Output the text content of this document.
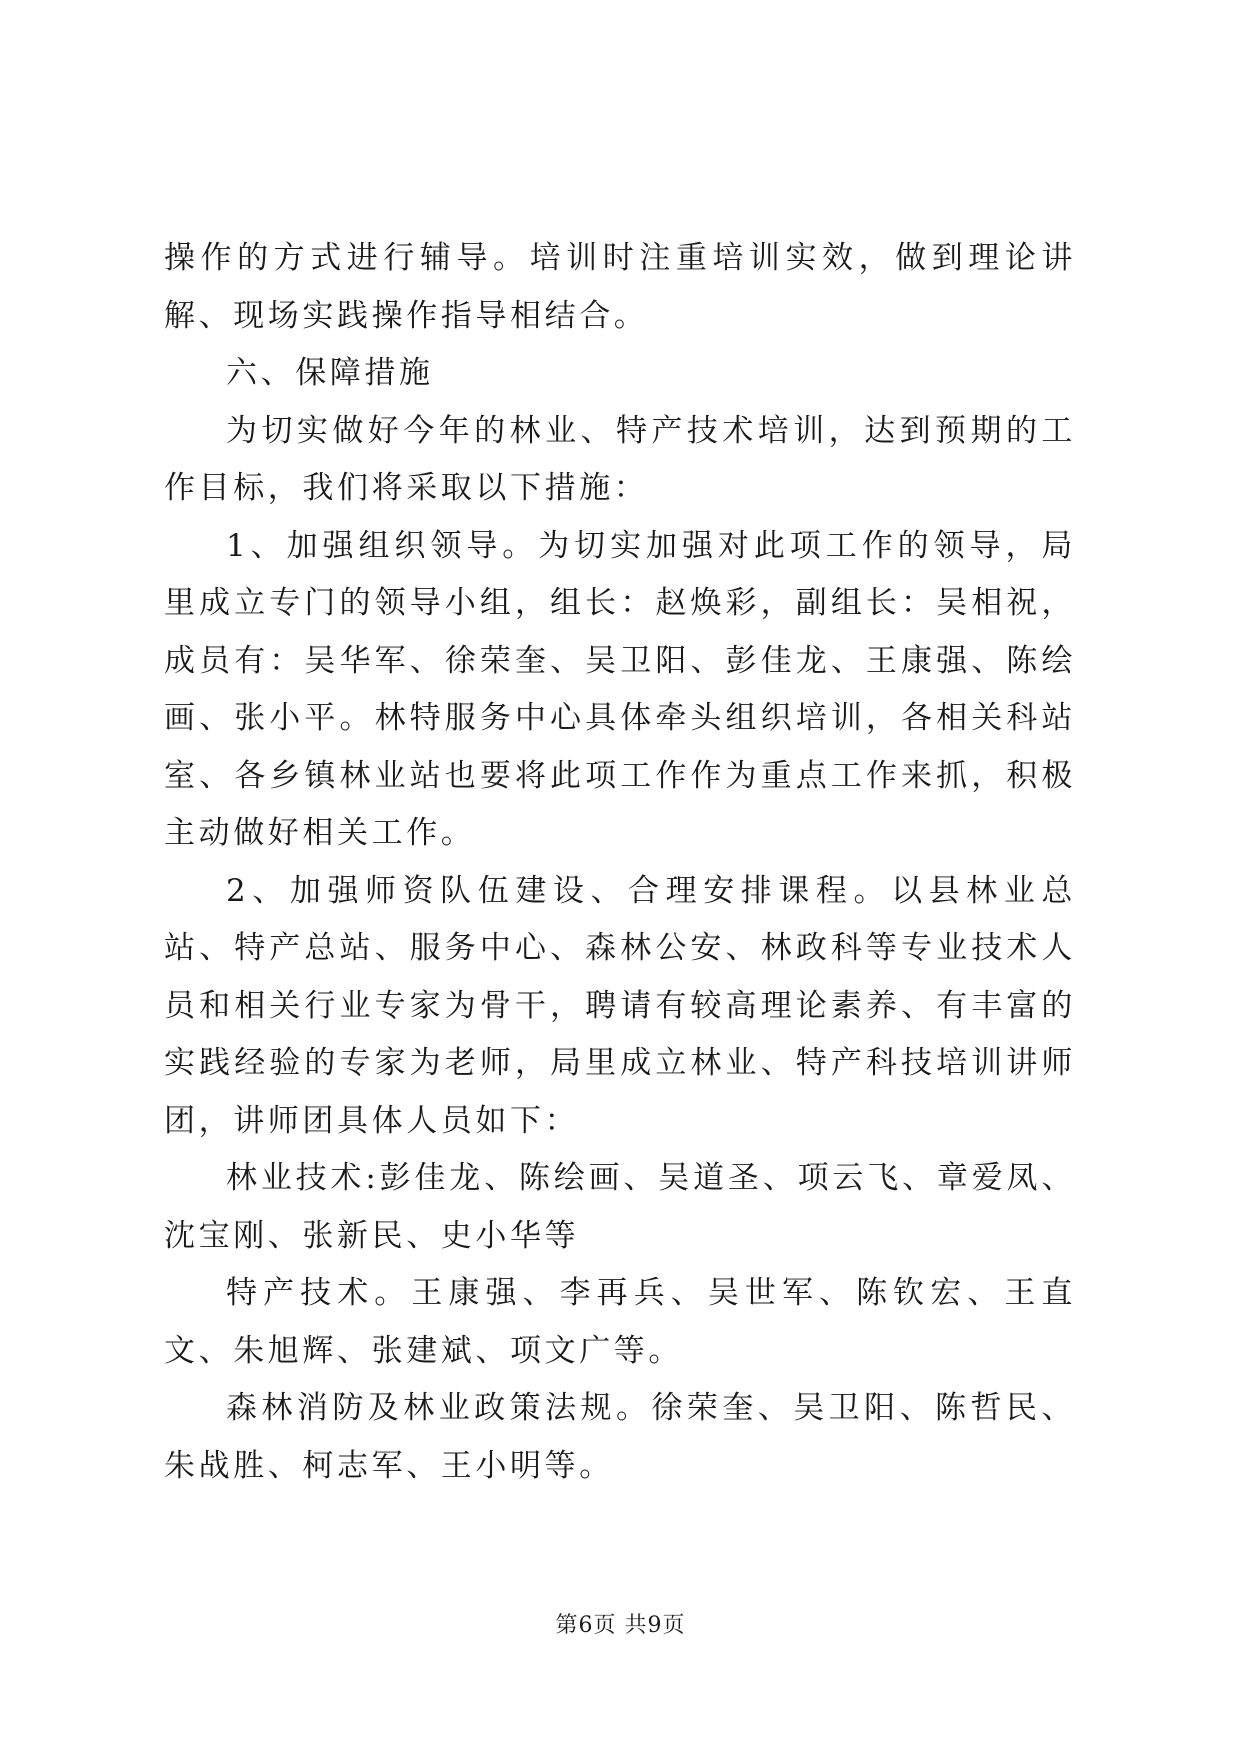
操作的方式进行辅导。培训时注重培训实效，做到理论讲解、现场实践操作指导相结合。

六、保障措施

为切实做好今年的林业、特产技术培训，达到预期的工作目标，我们将采取以下措施：

1、加强组织领导。为切实加强对此项工作的领导，局里成立专门的领导小组，组长：赵焕彩，副组长：吴相祝，成员有：吴华军、徐荣奎、吴卫阳、彭佳龙、王康强、陈绘画、张小平。林特服务中心具体牵头组织培训，各相关科站室、各乡镇林业站也要将此项工作作为重点工作来抓，积极主动做好相关工作。

2、加强师资队伍建设、合理安排课程。以县林业总站、特产总站、服务中心、森林公安、林政科等专业技术人员和相关行业专家为骨干，聘请有较高理论素养、有丰富的实践经验的专家为老师，局里成立林业、特产科技培训讲师团，讲师团具体人员如下：

林业技术:彭佳龙、陈绘画、吴道圣、项云飞、章爱凤、沈宝刚、张新民、史小华等

特产技术。王康强、李再兵、吴世军、陈钦宏、王直文、朱旭辉、张建斌、项文广等。

森林消防及林业政策法规。徐荣奎、吴卫阳、陈哲民、朱战胜、柯志军、王小明等。

第6页 共9页
